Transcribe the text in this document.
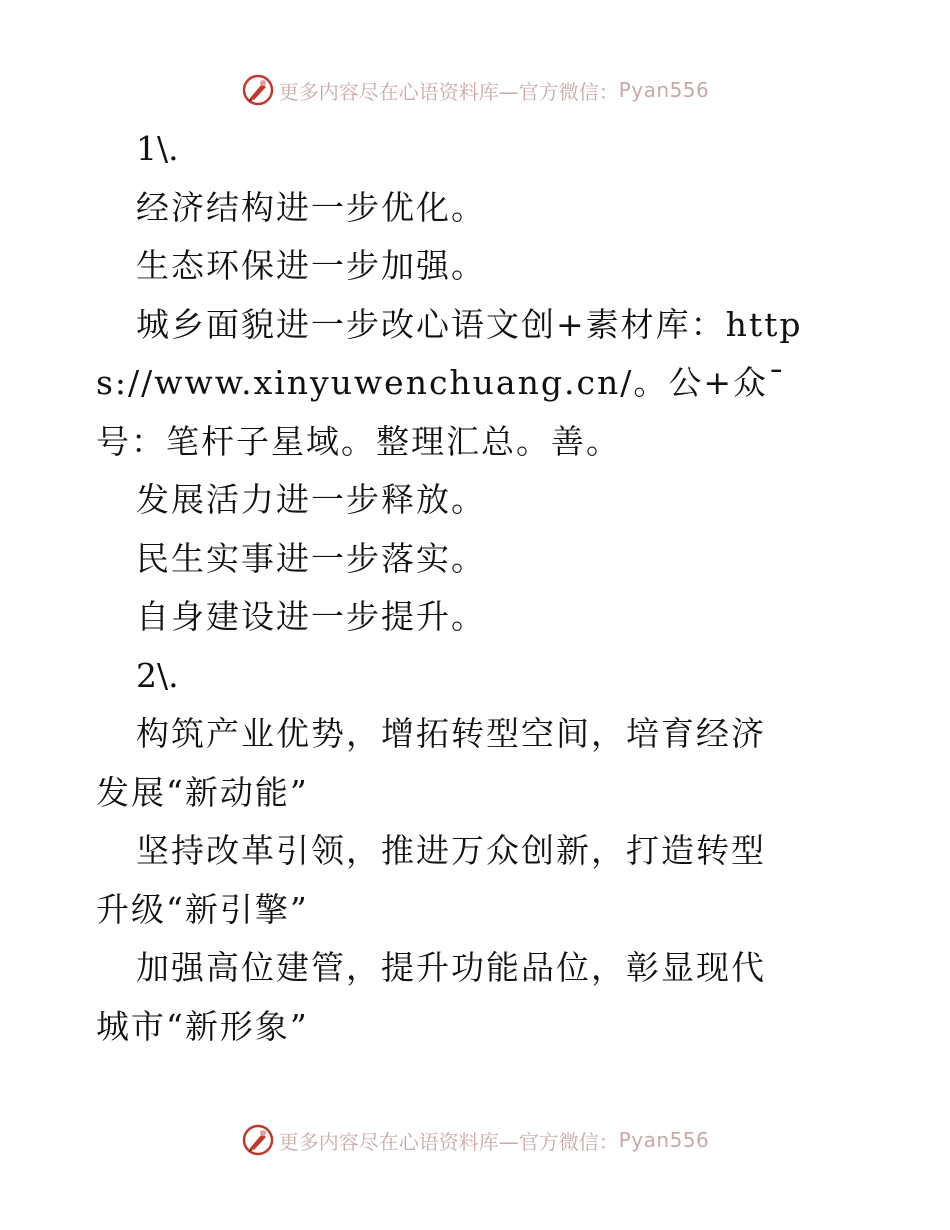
更多内容尽在心语资料库—官方微信： Pyan556

1\.

经济结构进一步优化。

生态环保进一步加强。

城乡面貌进一步改心语文创+素材库：https://www.xinyuwenchuang.cn/。公+众¯号：笔杆子星域。整理汇总。善。

发展活力进一步释放。

民生实事进一步落实。

自身建设进一步提升。

2\.

构筑产业优势，增拓转型空间，培育经济发展“新动能”

坚持改革引领，推进万众创新，打造转型升级“新引擎”

加强高位建管，提升功能品位，彰显现代城市“新形象”

更多内容尽在心语资料库—官方微信： Pyan556
